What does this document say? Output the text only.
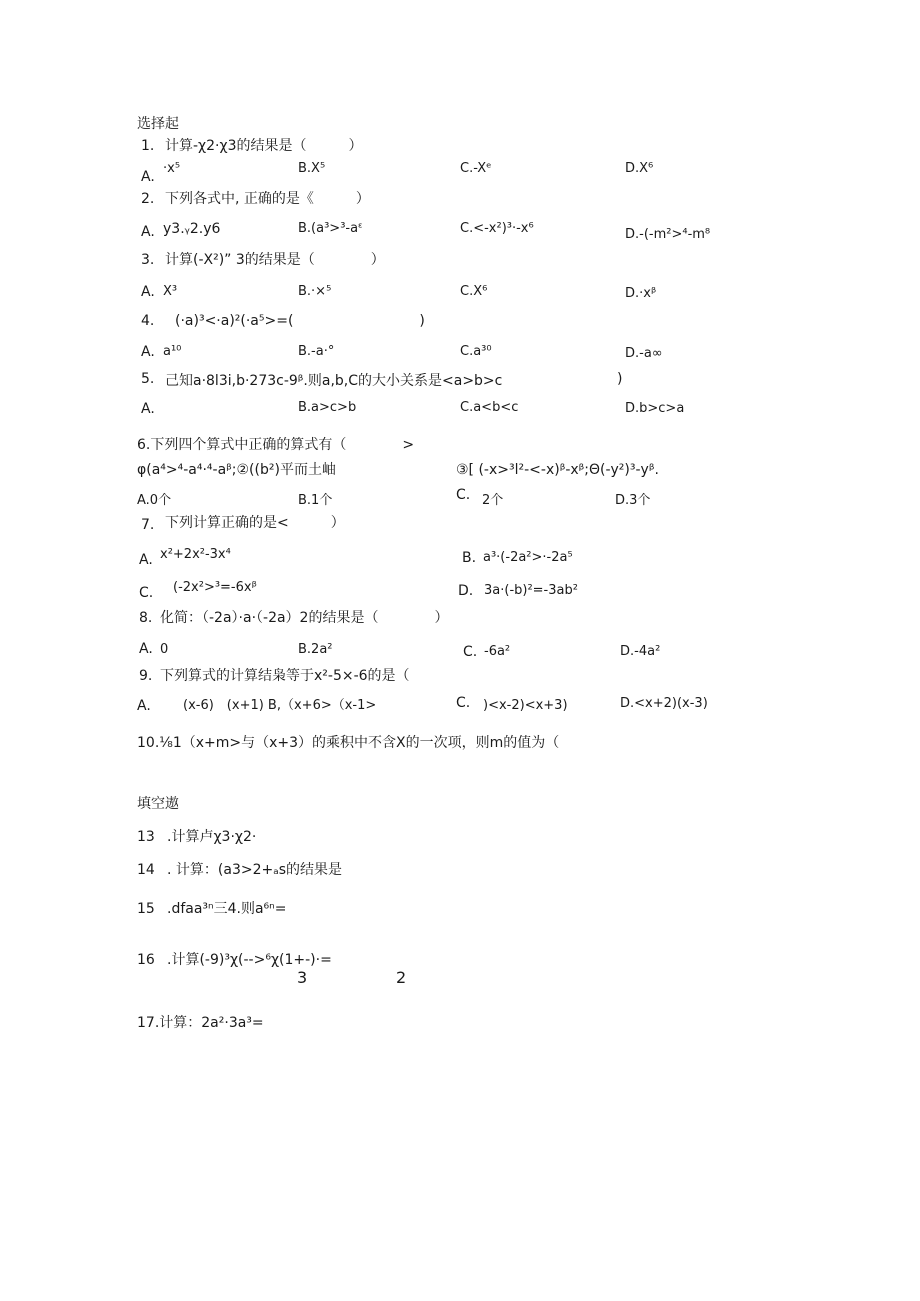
选择起
1. 计算-χ2·χ3的结果是（　　　）
A.
·x⁵	B.X⁵	C.-Xᵉ	D.X⁶
2. 下列各式中, 正确的是《　　　）
A. y3.ᵧ2.y6	B.(a³>³-aᵋ	C.<-x²)³·-x⁶	D.-(-m²>⁴-m⁸
3. 计算(-X²)” 3的结果是（　　　　）
A. X³	B.·×⁵	C.X⁶	D.·xᵝ
4. (·a)³<·a)²(·a⁵>=(　　　　　　　　　)
A. a¹⁰	B.-a·°	C.a³⁰	D.-a∞
5. 己知a·8l3i,b·273c-9ᵝ.则a,b,C的大小关系是<a>b>c	)
A.	B.a>c>b	C.a<b<c	D.b>c>a
6.下列四个算式中正确的算式有（　　　　>
φ(a⁴>⁴-a⁴·⁴-aᵝ;②((b²)平而土岫	③[ (-x>³l²-<-x)ᵝ-xᵝ;Θ(-y²)³-yᵝ.
A.0个	B.1个	C. 2个	D.3个
7. 下列计算正确的是<　　　）
A. x²+2x²-3x⁴	B. a³·(-2a²>·-2a⁵
C. (-2x²>³=-6xᵝ	D. 3a·(-b)²=-3ab²
8. 化简：（-2a）·a·（-2a）2的结果是（　　　　）
A. 0	B.2a²	C. -6a²	D.-4a²
9. 下列算式的计算结枭等于x²-5×-6的是（
A. (x-6)　(x+1) B,（x+6>（x-1>	C. )<x-2)<x+3)	D.<x+2)(x-3)
10.⅛1（x+m>与（x+3）的乘积中不含X的一次项，则m的值为（
填空遨
13 .计算卢χ3·χ2·
14 . 计算：(a3>2+ₐs的结果是
15 .dfaa³ⁿ三4.则a⁶ⁿ=
16 .计算(-9)³χ(-->⁶χ(1+-)·=
3	2
17.计算：2a²·3a³=
